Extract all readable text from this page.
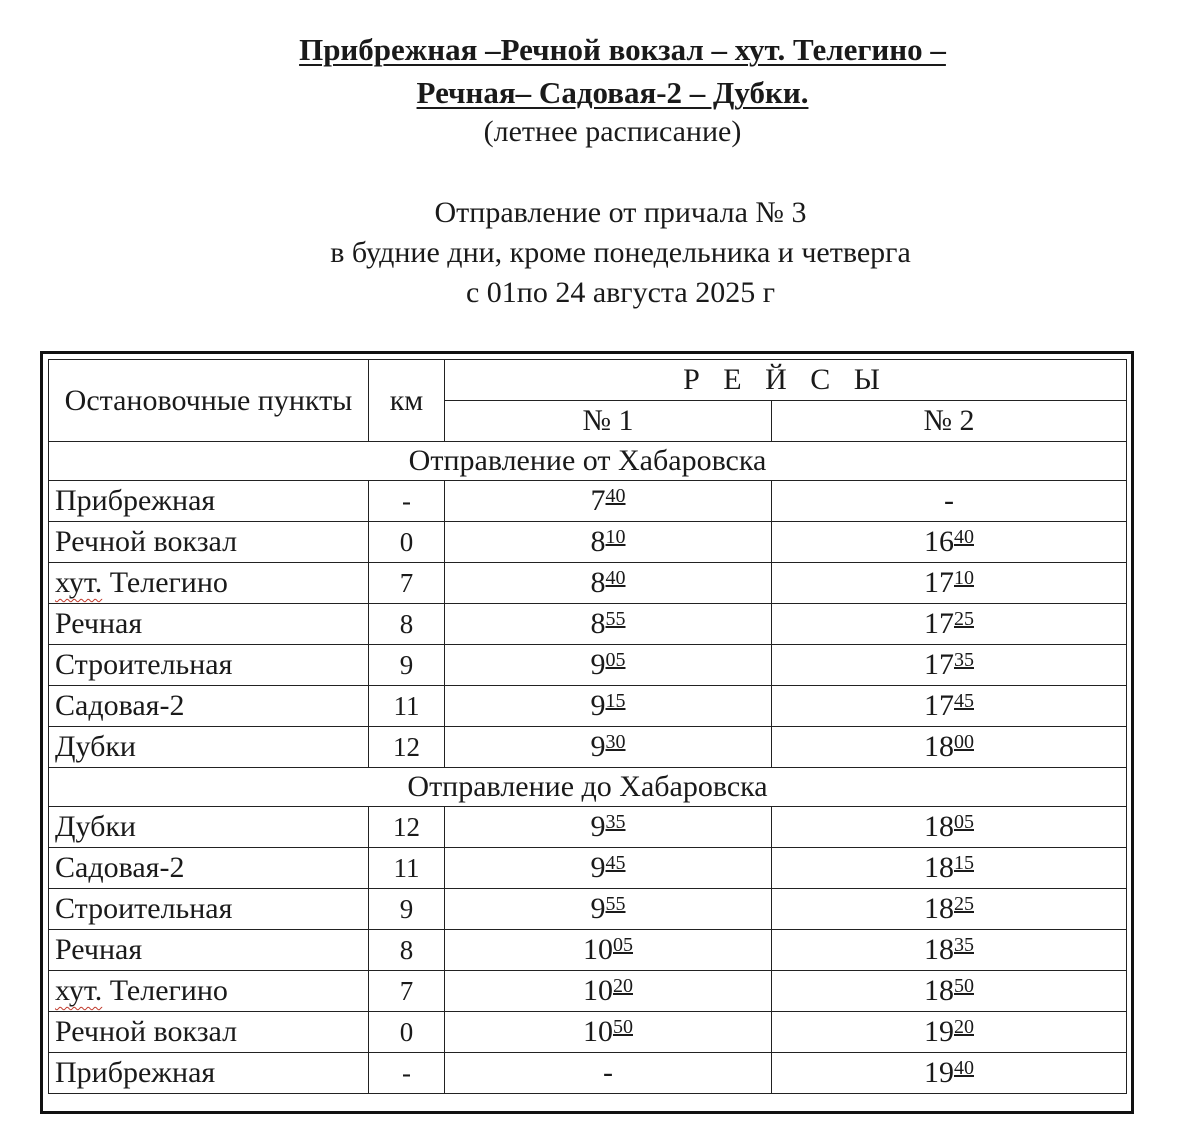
Прибрежная –Речной вокзал – хут. Телегино –
Речная– Садовая-2 – Дубки.
(летнее расписание)
Отправление от причала № 3
в будние дни, кроме понедельника и четверга
с 01по 24 августа 2025 г
Остановочные пункты	км	Р Е Й С Ы	
		№ 1	№ 2
Отправление от Хабаровска			
Прибрежная	-	$7^{40}$	-
Речной вокзал	0	$8^{10}$	$16^{40}$
хут. Телегино	7	$8^{40}$	$17^{10}$
Речная	8	$8^{55}$	$17^{25}$
Строительная	9	$9^{05}$	$17^{35}$
Садовая-2	11	$9^{15}$	$17^{45}$
Дубки	12	$9^{30}$	$18^{00}$
Отправление до Хабаровска			
Дубки	12	$9^{35}$	$18^{05}$
Садовая-2	11	$9^{45}$	$18^{15}$
Строительная	9	$9^{55}$	$18^{25}$
Речная	8	$10^{05}$	$18^{35}$
хут. Телегино	7	$10^{20}$	$18^{50}$
Речной вокзал	0	$10^{50}$	$19^{20}$
Прибрежная	-	-	$19^{40}$
